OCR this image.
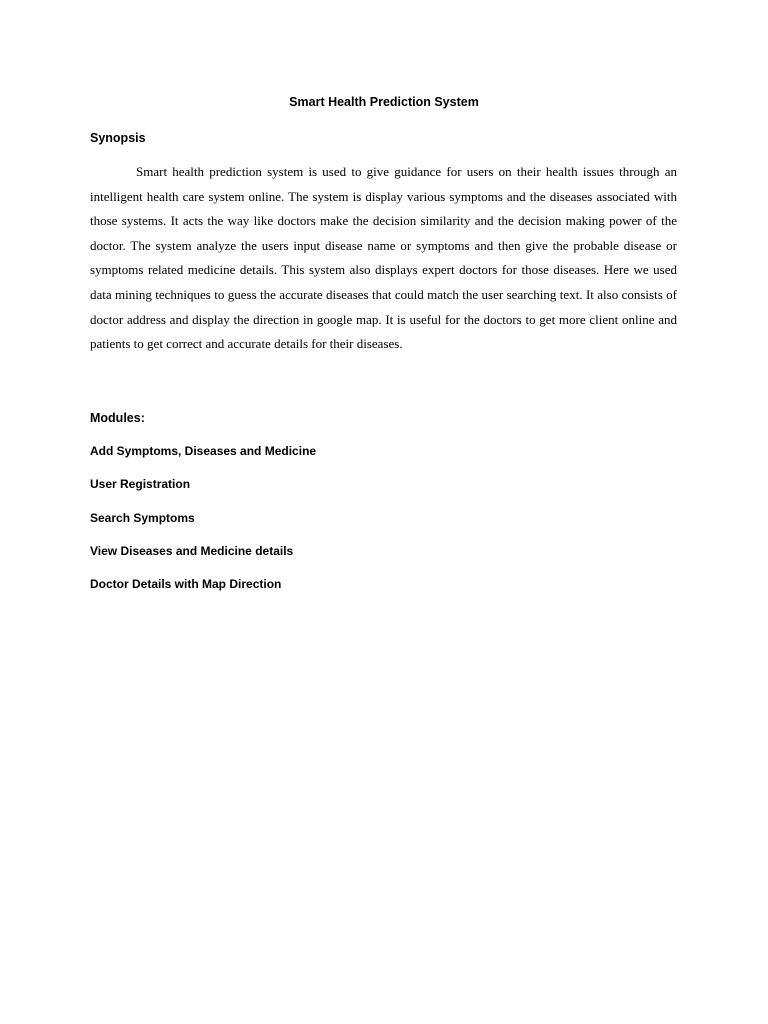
Smart Health Prediction System
Synopsis

Smart health prediction system is used to give guidance for users on their health issues through an intelligent health care system online. The system is display various symptoms and the diseases associated with those systems. It acts the way like doctors make the decision similarity and the decision making power of the doctor. The system analyze the users input disease name or symptoms and then give the probable disease or symptoms related medicine details. This system also displays expert doctors for those diseases. Here we used data mining techniques to guess the accurate diseases that could match the user searching text. It also consists of doctor address and display the direction in google map. It is useful for the doctors to get more client online and patients to get correct and accurate details for their diseases.

Modules:
Add Symptoms, Diseases and Medicine
User Registration
Search Symptoms
View Diseases and Medicine details
Doctor Details with Map Direction
